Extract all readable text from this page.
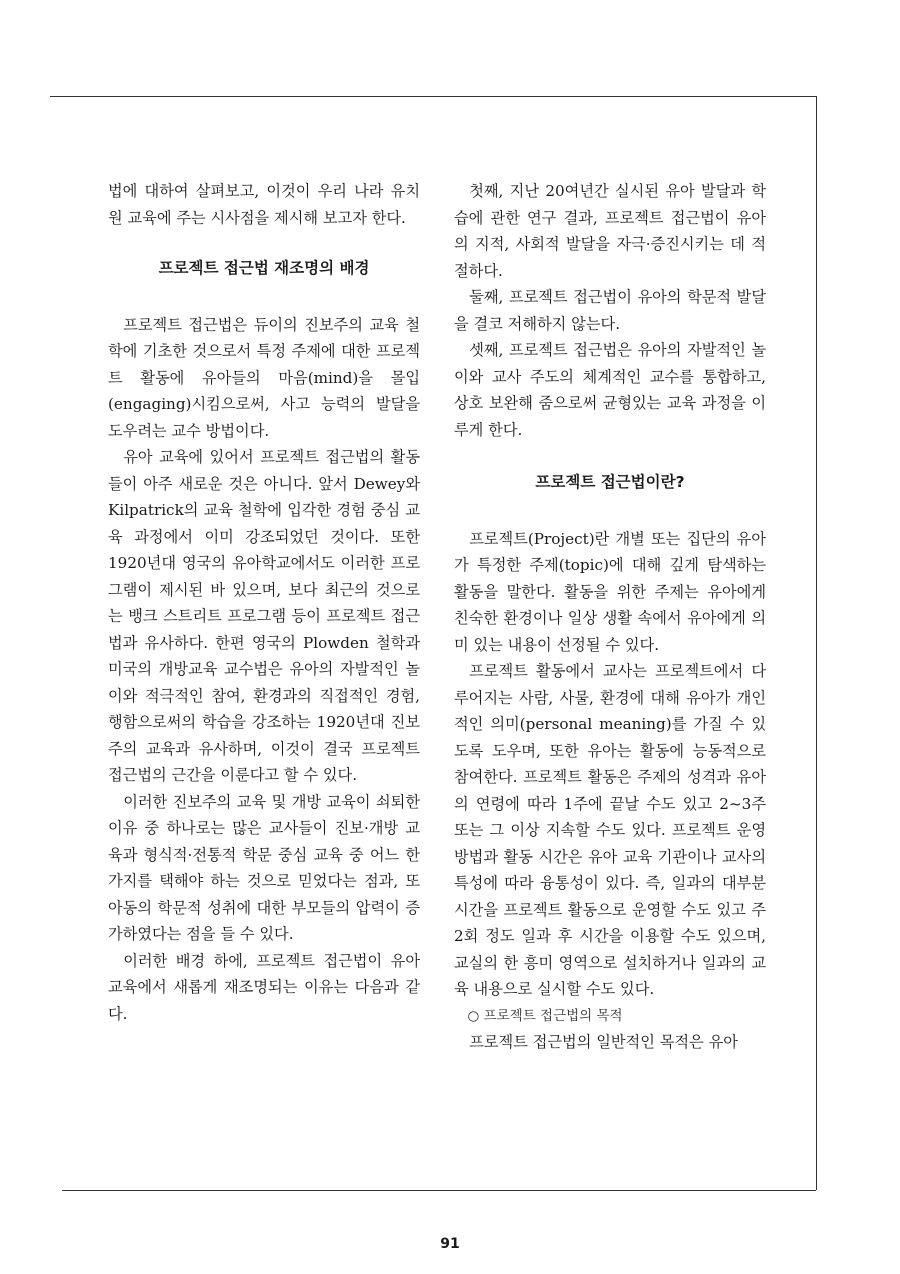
법에 대하여 살펴보고, 이것이 우리 나라 유치원 교육에 주는 시사점을 제시해 보고자 한다.

프로젝트 접근법 재조명의 배경

프로젝트 접근법은 듀이의 진보주의 교육 철학에 기초한 것으로서 특정 주제에 대한 프로젝트 활동에 유아들의 마음(mind)을 몰입(engaging)시킴으로써, 사고 능력의 발달을 도우려는 교수 방법이다.

유아 교육에 있어서 프로젝트 접근법의 활동들이 아주 새로운 것은 아니다. 앞서 Dewey와 Kilpatrick의 교육 철학에 입각한 경험 중심 교육 과정에서 이미 강조되었던 것이다. 또한 1920년대 영국의 유아학교에서도 이러한 프로그램이 제시된 바 있으며, 보다 최근의 것으로는 뱅크 스트리트 프로그램 등이 프로젝트 접근법과 유사하다. 한편 영국의 Plowden 철학과 미국의 개방교육 교수법은 유아의 자발적인 놀이와 적극적인 참여, 환경과의 직접적인 경험, 행함으로써의 학습을 강조하는 1920년대 진보주의 교육과 유사하며, 이것이 결국 프로젝트 접근법의 근간을 이룬다고 할 수 있다.

이러한 진보주의 교육 및 개방 교육이 쇠퇴한 이유 중 하나로는 많은 교사들이 진보·개방 교육과 형식적·전통적 학문 중심 교육 중 어느 한 가지를 택해야 하는 것으로 믿었다는 점과, 또 아동의 학문적 성취에 대한 부모들의 압력이 증가하였다는 점을 들 수 있다.

이러한 배경 하에, 프로젝트 접근법이 유아 교육에서 새롭게 재조명되는 이유는 다음과 같다.

첫째, 지난 20여년간 실시된 유아 발달과 학습에 관한 연구 결과, 프로젝트 접근법이 유아의 지적, 사회적 발달을 자극·증진시키는 데 적절하다.

둘째, 프로젝트 접근법이 유아의 학문적 발달을 결코 저해하지 않는다.

셋째, 프로젝트 접근법은 유아의 자발적인 놀이와 교사 주도의 체계적인 교수를 통합하고, 상호 보완해 줌으로써 균형있는 교육 과정을 이루게 한다.

프로젝트 접근법이란?

프로젝트(Project)란 개별 또는 집단의 유아가 특정한 주제(topic)에 대해 깊게 탐색하는 활동을 말한다. 활동을 위한 주제는 유아에게 친숙한 환경이나 일상 생활 속에서 유아에게 의미 있는 내용이 선정될 수 있다.

프로젝트 활동에서 교사는 프로젝트에서 다루어지는 사람, 사물, 환경에 대해 유아가 개인적인 의미(personal meaning)를 가질 수 있도록 도우며, 또한 유아는 활동에 능동적으로 참여한다. 프로젝트 활동은 주제의 성격과 유아의 연령에 따라 1주에 끝날 수도 있고 2~3주 또는 그 이상 지속할 수도 있다. 프로젝트 운영 방법과 활동 시간은 유아 교육 기관이나 교사의 특성에 따라 융통성이 있다. 즉, 일과의 대부분 시간을 프로젝트 활동으로 운영할 수도 있고 주 2회 정도 일과 후 시간을 이용할 수도 있으며, 교실의 한 흥미 영역으로 설치하거나 일과의 교육 내용으로 실시할 수도 있다.

○ 프로젝트 접근법의 목적

프로젝트 접근법의 일반적인 목적은 유아

91
